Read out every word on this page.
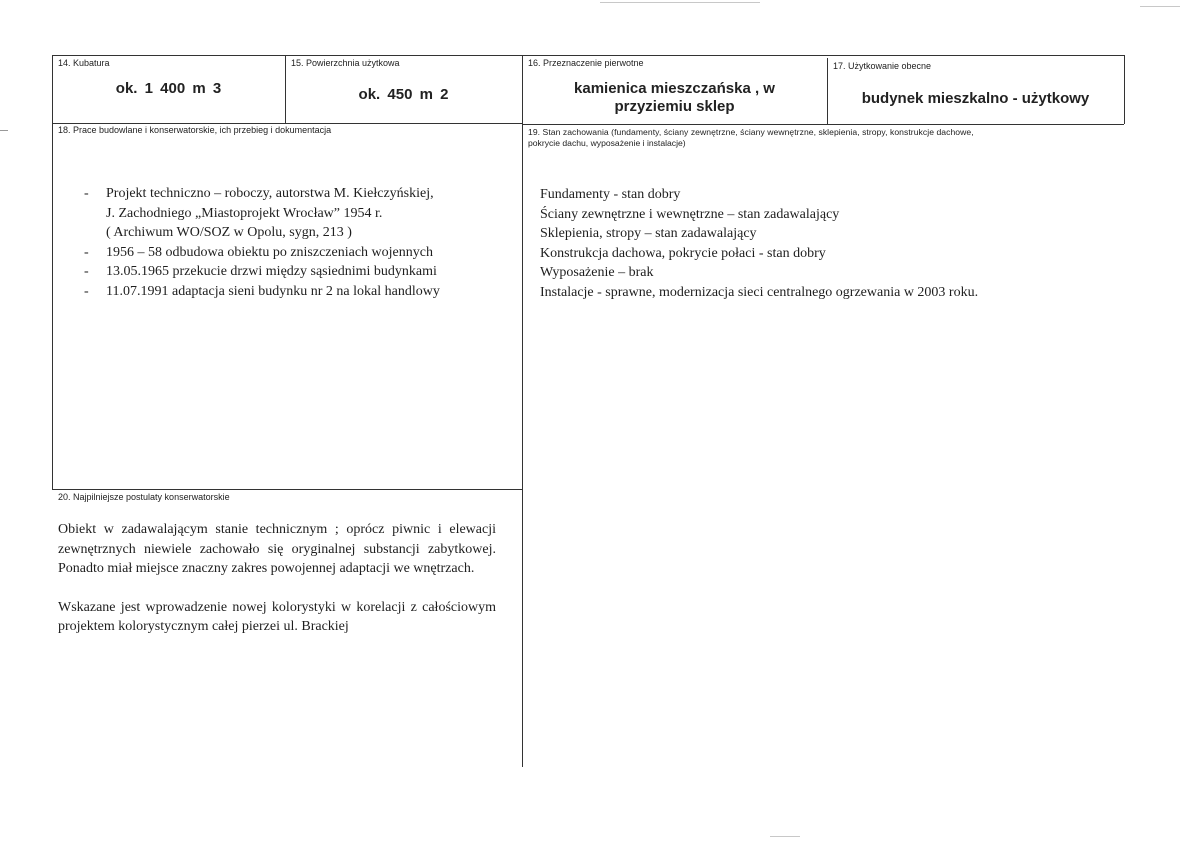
14. Kubatura
ok. 1 400 m 3
15. Powierzchnia użytkowa
ok. 450 m 2
16. Przeznaczenie pierwotne
kamienica mieszczańska , w
przyziemiu sklep
17. Użytkowanie obecne
budynek mieszkalno - użytkowy
18. Prace budowlane i konserwatorskie, ich przebieg i dokumentacja
- Projekt techniczno – roboczy, autorstwa M. Kiełczyńskiej,
J. Zachodniego „Miastoprojekt Wrocław” 1954 r.
( Archiwum WO/SOZ w Opolu, sygn, 213 )
- 1956 – 58 odbudowa obiektu po zniszczeniach wojennych
- 13.05.1965 przekucie drzwi między sąsiednimi budynkami
- 11.07.1991 adaptacja sieni budynku nr 2 na lokal handlowy
19. Stan zachowania (fundamenty, ściany zewnętrzne, ściany wewnętrzne, sklepienia, stropy, konstrukcje dachowe,
pokrycie dachu, wyposażenie i instalacje)
Fundamenty - stan dobry
Ściany zewnętrzne i wewnętrzne – stan zadawalający
Sklepienia, stropy – stan zadawalający
Konstrukcja dachowa, pokrycie połaci - stan dobry
Wyposażenie – brak
Instalacje - sprawne, modernizacja sieci centralnego ogrzewania w 2003 roku.
20. Najpilniejsze postulaty konserwatorskie

Obiekt w zadawalającym stanie technicznym ; oprócz piwnic i elewacji zewnętrznych niewiele zachowało się oryginalnej substancji zabytkowej. Ponadto miał miejsce znaczny zakres powojennej adaptacji we wnętrzach.

Wskazane jest wprowadzenie nowej kolorystyki w korelacji z całościowym projektem kolorystycznym całej pierzei ul. Brackiej
